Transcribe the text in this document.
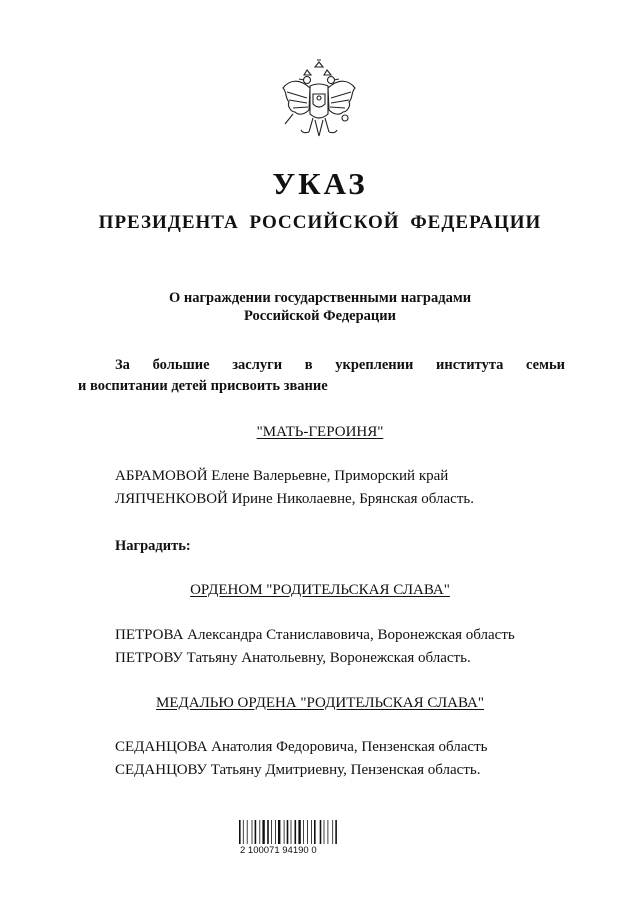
УКАЗ
ПРЕЗИДЕНТА РОССИЙСКОЙ ФЕДЕРАЦИИ
О награждении государственными наградами
Российской Федерации
За большие заслуги в укреплении института семьи
и воспитании детей присвоить звание
"МАТЬ-ГЕРОИНЯ"
АБРАМОВОЙ Елене Валерьевне, Приморский край
ЛЯПЧЕНКОВОЙ Ирине Николаевне, Брянская область.
Наградить:
ОРДЕНОМ "РОДИТЕЛЬСКАЯ СЛАВА"
ПЕТРОВА Александра Станиславовича, Воронежская область
ПЕТРОВУ Татьяну Анатольевну, Воронежская область.
МЕДАЛЬЮ ОРДЕНА "РОДИТЕЛЬСКАЯ СЛАВА"
СЕДАНЦОВА Анатолия Федоровича, Пензенская область
СЕДАНЦОВУ Татьяну Дмитриевну, Пензенская область.
2 100071 94190 0
